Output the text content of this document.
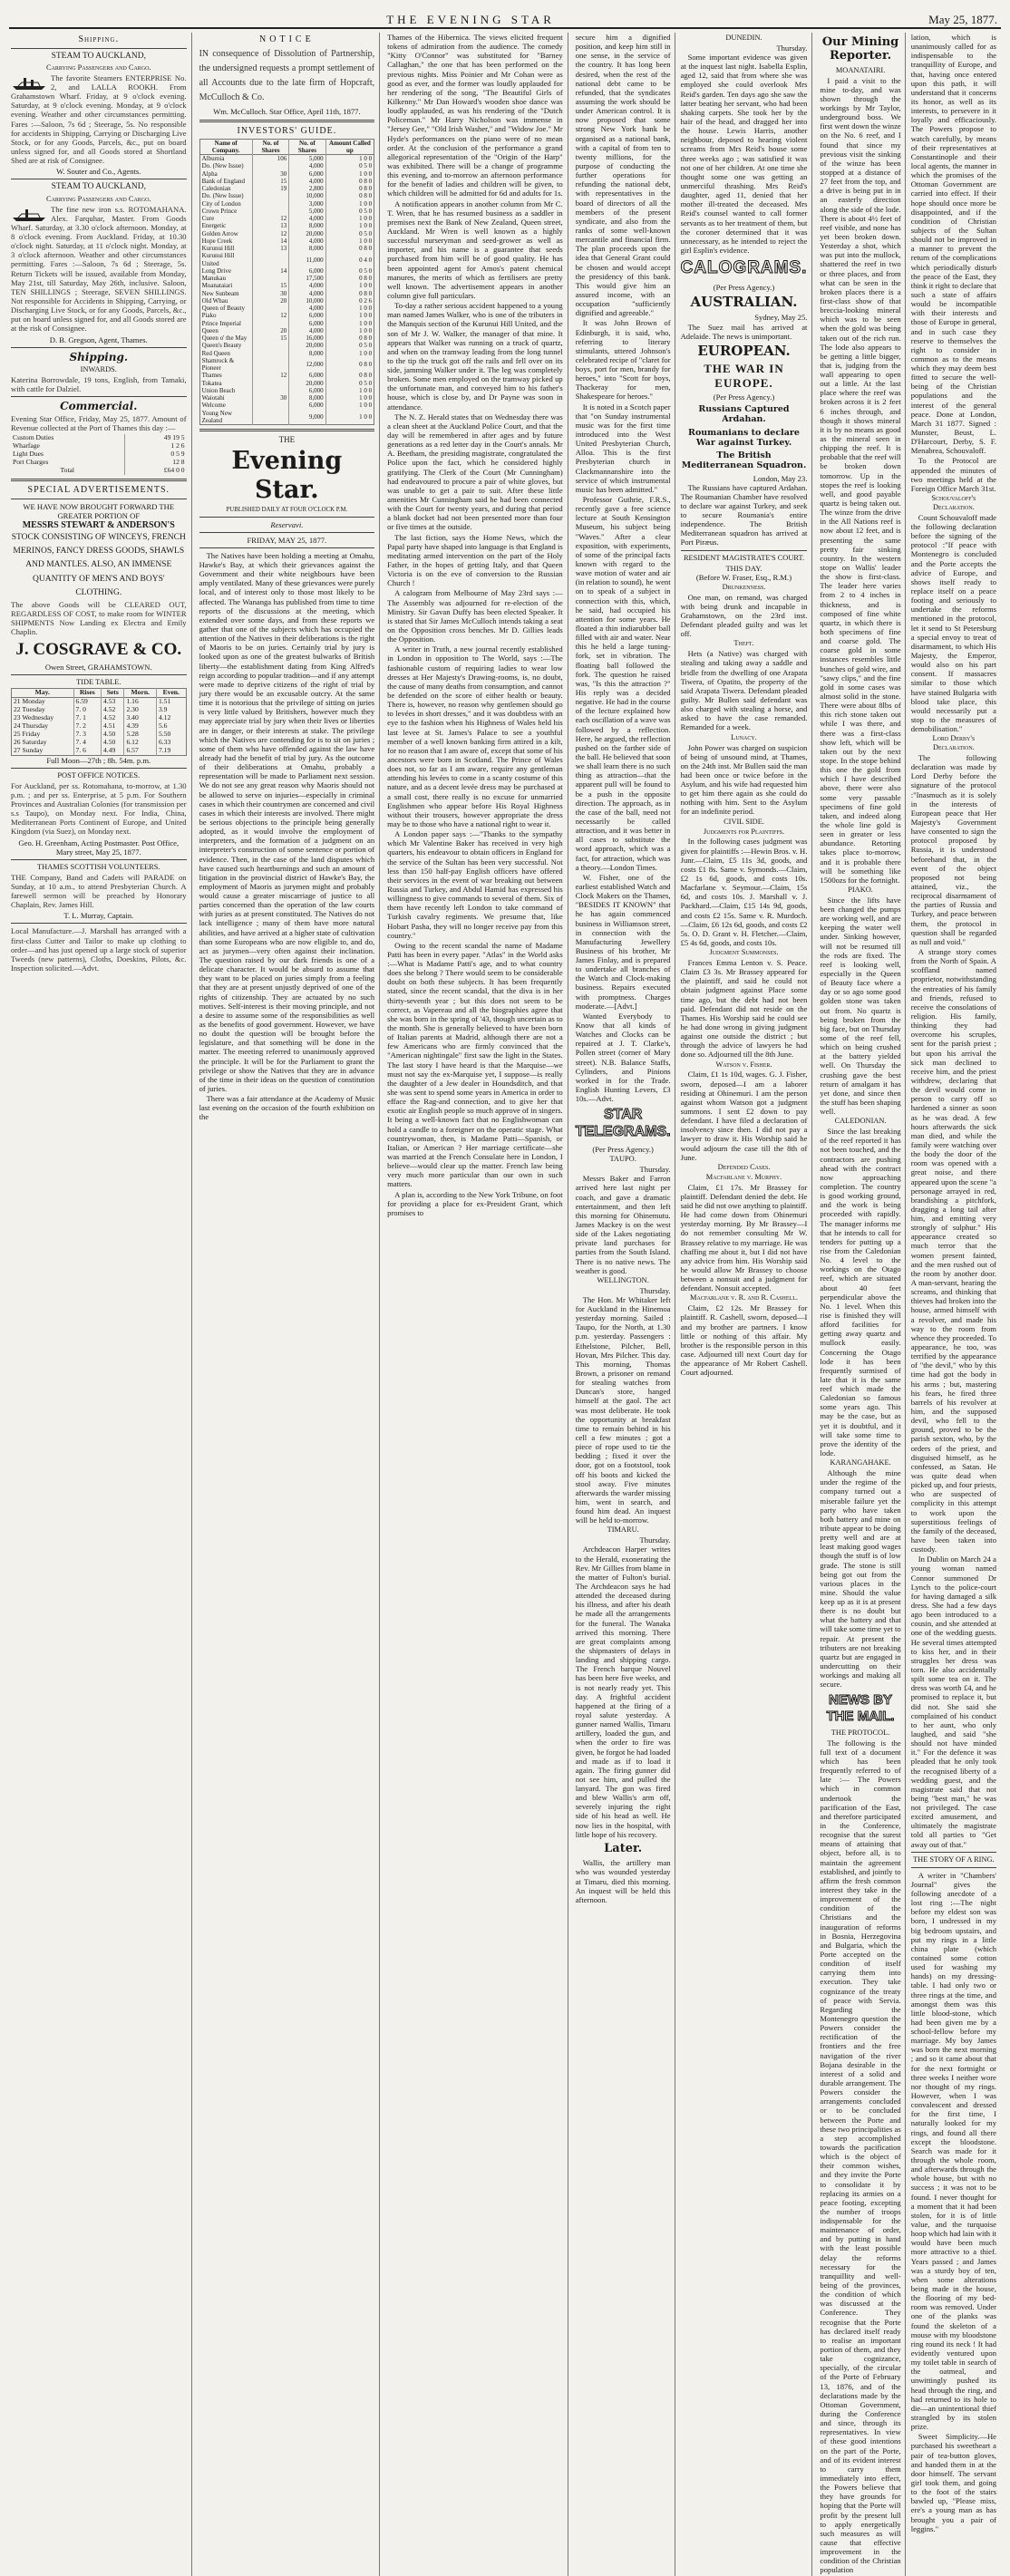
THE EVENING STAR	May 25, 1877.
Shipping.
STEAM TO AUCKLAND,
Carrying Passengers and Cargo.
The favorite Steamers ENTERPRISE No. 2, and LALLA ROOKH. From Grahamstown Wharf. Friday, at 9 o'clock evening. Saturday, at 9 o'clock evening. Monday, at 9 o'clock evening. Weather and other circumstances permitting. Fares :—Saloon, 7s 6d ; Steerage, 5s. No responsible for accidents in Shipping, Carrying or Discharging Live Stock, or for any Goods, Parcels, &c., put on board unless signed for, and all Goods stored at Shortland Shed are at risk of Consignee.
W. Souter and Co., Agents.
STEAM TO AUCKLAND,
Carrying Passengers and Cargo.
The fine new iron s.s. ROTOMAHANA. Alex. Farquhar, Master. From Goods Wharf. Saturday, at 3.30 o'clock afternoon. Monday, at 8 o'clock evening. From Auckland. Friday, at 10.30 o'clock night. Saturday, at 11 o'clock night. Monday, at 3 o'clock afternoon. Weather and other circumstances permitting. Fares :—Saloon, 7s 6d ; Steerage, 5s. Return Tickets will be issued, available from Monday, May 21st, till Saturday, May 26th, inclusive. Saloon, TEN SHILLINGS ; Steerage, SEVEN SHILLINGS. Not responsible for Accidents in Shipping, Carrying, or Discharging Live Stock, or for any Goods, Parcels, &c., put on board unless signed for, and all Goods stored are at the risk of Consignee.
D. B. Gregson, Agent, Thames.
Shipping.
INWARDS.
Katerina Borrowdale, 19 tons, English, from Tamaki, with cattle for Dalziel.
Commercial.
Evening Star Office, Friday, May 25, 1877. Amount of Revenue collected at the Port of Thames this day :—
Custom Duties	49 19 5
Wharfage	1 2 6
Light Dues	0 5 9
Port Charges	12 8
Total	£64 0 0
SPECIAL ADVERTISEMENTS.
WE HAVE NOW BROUGHT FORWARD THE GREATER PORTION OF
MESSRS STEWART & ANDERSON'S
STOCK CONSISTING OF WINCEYS, FRENCH MERINOS, FANCY DRESS GOODS, SHAWLS AND MANTLES. ALSO, AN IMMENSE QUANTITY OF MEN'S AND BOYS' CLOTHING.
The above Goods will be CLEARED OUT, REGARDLESS OF COST, to make room for WINTER SHIPMENTS Now Landing ex Electra and Emily Chaplin.
J. COSGRAVE & CO.
Owen Street, GRAHAMSTOWN.
TIDE TABLE.
May.	Rises	Sets	Morn.	Even.
21 Monday	6.59	4.53	1.16	1.51
22 Tuesday	7. 0	4.52	2.30	3.9
23 Wednesday	7. 1	4.52	3.40	4.12
24 Thursday	7. 2	4.51	4.39	5.6
25 Friday	7. 3	4.50	5.28	5.50
26 Saturday	7. 4	4.50	6.12	6.33
27 Sunday	7. 6	4.49	6.57	7.19
Full Moon—27th ; 8h. 54m. p.m.
POST OFFICE NOTICES.
For Auckland, per ss. Rotomahana, to-morrow, at 1.30 p.m. ; and per ss. Enterprise, at 5 p.m. For Southern Provinces and Australian Colonies (for transmission per s.s Taupo), on Monday next. For India, China, Mediterranean Ports Continent of Europe, and United Kingdom (via Suez), on Monday next.
Geo. H. Greenham, Acting Postmaster. Post Office, Mary street, May 25, 1877.
THAMES SCOTTISH VOLUNTEERS.
THE Company, Band and Cadets will PARADE on Sunday, at 10 a.m., to attend Presbyterian Church. A farewell sermon will be preached by Honorary Chaplain, Rev. James Hill.
T. L. Murray, Captain.
Local Manufacture.—J. Marshall has arranged with a first-class Cutter and Tailor to make up clothing to order—and has just opened up a large stock of superior Tweeds (new patterns), Cloths, Doeskins, Pilots, &c. Inspection solicited.—Advt.
NOTICE
IN consequence of Dissolution of Partnership, the undersigned requests a prompt settlement of all Accounts due to the late firm of Hopcraft, McCulloch & Co.
Wm. McCulloch. Star Office, April 11th, 1877.
INVESTORS' GUIDE.
Name of Company.	No. of Shares	No. of Shares	Amount Called up
Alburnia	106	5,000	1 0 0
Do. (New Issue)		4,000	0 5 0
Alpha	30	6,000	1 0 0
Bank of England	15	4,000	0 8 0
Caledonian	19	2,800	0 8 0
Do. (New Issue)		10,000	0 8 0
City of London		3,000	1 0 0
Crown Prince		5,000	0 5 0
Cure	12	4,000	1 0 0
Energetic	13	8,000	1 0 0
Golden Arrow	12	20,000	0 5 0
Hope Creek	14	4,000	1 0 0
Kurunui Hill	13	8,000	0 8 0
Kurunui Hill United		11,000	0 4 0
Long Drive	14	6,000	0 5 0
Manukau		17,500	0 8 0
Moanataiari	15	4,000	1 0 0
New Sunbeam	30	4,000	0 8 0
Old Whau	20	10,000	0 2 6
Queen of Beauty		4,000	1 0 0
Piako	12	6,000	1 0 0
Prince Imperial		6,000	1 0 0
Queen	20	4,000	1 0 0
Queen o' the May	15	16,000	0 8 0
Queen's Beauty		20,000	0 5 0
Red Queen		8,000	1 0 0
Shamrock & Pioneer		12,000	0 8 0
Thames	12	6,000	0 8 0
Tokatea		20,000	0 5 0
Union Beach		6,000	1 0 0
Waiotahi	30	8,000	1 0 0
Welcome		6,000	1 0 0
Young New Zealand		9,000	1 0 0
THE
Evening Star.
PUBLISHED DAILY AT FOUR O'CLOCK P.M.
Reservavi.
FRIDAY, MAY 25, 1877.

The Natives have been holding a meeting at Omahu, Hawke's Bay, at which their grievances against the Government and their white neighbours have been amply ventilated. Many of these grievances were purely local, and of interest only to those most likely to be affected. The Wananga has published from time to time reports of the discussions at the meeting, which extended over some days, and from these reports we gather that one of the subjects which has occupied the attention of the Natives in their deliberations is the right of Maoris to be on juries. Certainly trial by jury is looked upon as one of the greatest bulwarks of British liberty—the establishment dating from King Alfred's reign according to popular tradition—and if any attempt were made to deprive citizens of the right of trial by jury there would be an excusable outcry. At the same time it is notorious that the privilege of sitting on juries is very little valued by Britishers, however much they may appreciate trial by jury when their lives or liberties are in danger, or their interests at stake. The privilege which the Natives are contending for is to sit on juries ; some of them who have offended against the law have already had the benefit of trial by jury. As the outcome of their deliberations at Omahu, probably a representation will be made to Parliament next session. We do not see any great reason why Maoris should not be allowed to serve on injuries—especially in criminal cases in which their countrymen are concerned and civil cases in which their interests are involved. There might be serious objections to the principle being generally adopted, as it would involve the employment of interpreters, and the formation of a judgment on an interpreter's construction of some sentence or portion of evidence. Then, in the case of the land disputes which have caused such heartburnings and such an amount of litigation in the provincial district of Hawke's Bay, the employment of Maoris as jurymen might and probably would cause a greater miscarriage of justice to all parties concerned than the operation of the law courts with juries as at present constituted. The Natives do not lack intelligence ; many of them have more natural abilities, and have arrived at a higher state of cultivation than some Europeans who are now eligible to, and do, act as jurymen—very often against their inclination. The question raised by our dark friends is one of a delicate character. It would be absurd to assume that they want to be placed on juries simply from a feeling that they are at present unjustly deprived of one of the rights of citizenship. They are actuated by no such motives. Self-interest is their moving principle, and not a desire to assume some of the responsibilities as well as the benefits of good government. However, we have no doubt the question will be brought before the legislature, and that something will be done in the matter. The meeting referred to unanimously approved the principle. It will be for the Parliament to grant the privilege or show the Natives that they are in advance of the time in their ideas on the question of constitution of juries.

There was a fair attendance at the Academy of Music last evening on the occasion of the fourth exhibition on the

Thames of the Hibernica. The views elicited frequent tokens of admiration from the audience. The comedy "Kitty O'Connor" was substituted for "Barney Callaghan," the one that has been performed on the previous nights. Miss Poinier and Mr Cohan were as good as ever, and the former was loudly applauded for her rendering of the song, "The Beautiful Girls of Kilkenny." Mr Dan Howard's wooden shoe dance was loudly applauded, as was his rendering of the "Dutch Policeman." Mr Harry Nicholson was immense in "Jersey Gee," "Old Irish Washer," and "Widow Joe." Mr Hyde's performances on the piano were of no mean order. At the conclusion of the performance a grand allegorical representation of the "Origin of the Harp" was exhibited. There will be a change of programme this evening, and to-morrow an afternoon performance for the benefit of ladies and children will be given, to which children will be admitted for 6d and adults for 1s.

A notification appears in another column from Mr C. T. Wren, that he has resumed business as a saddler in premises next the Bank of New Zealand, Queen street, Auckland. Mr Wren is well known as a highly successful nurseryman and seed-grower as well as importer, and his name is a guarantee that seeds purchased from him will be of good quality. He has been appointed agent for Amos's patent chemical manures, the merits of which as fertilisers are pretty well known. The advertisement appears in another column give full particulars.

To-day a rather serious accident happened to a young man named James Walker, who is one of the tributers in the Manquis section of the Kurunui Hill United, and the son of Mr J. W. Walker, the manager of that mine. It appears that Walker was running on a truck of quartz, and when on the tramway leading from the long tunnel to the tip the truck got off the rails and fell over on its side, jamming Walker under it. The leg was completely broken. Some men employed on the tramway picked up the unfortunate man, and conveyed him to his father's house, which is close by, and Dr Payne was soon in attendance.

The N. Z. Herald states that on Wednesday there was a clean sheet at the Auckland Police Court, and that the day will be remembered in after ages and by future generations as a red letter day in the Court's annals. Mr A. Beetham, the presiding magistrate, congratulated the Police upon the fact, which he considered highly gratifying. The Clerk of the Court (Mr Cunningham) had endeavoured to procure a pair of white gloves, but was unable to get a pair to suit. After these little amenities Mr Cunningham said he had been connected with the Court for twenty years, and during that period a blank docket had not been presented more than four or five times at the outside.

The last fiction, says the Home News, which the Papal party have shaped into language is that England is meditating armed intervention on the part of the Holy Father, in the hopes of getting Italy, and that Queen Victoria is on the eve of conversion to the Russian Church !

A calogram from Melbourne of May 23rd says :—The Assembly was adjourned for re-election of the Ministry. Sir Gavan Duffy has been elected Speaker. It is stated that Sir James McCulloch intends taking a seat on the Opposition cross benches. Mr D. Gillies leads the Opposition.

A writer in Truth, a new journal recently established in London in opposition to The World, says :—The fashionable custom of requiring ladies to wear low dresses at Her Majesty's Drawing-rooms, is, no doubt, the cause of many deaths from consumption, and cannot be defended on the score of either health or beauty. There is, however, no reason why gentlemen should go to levées in short dresses," and it was doubtless with an eye to the fashion when his Highness of Wales held his last levee at St. James's Palace to see a youthful member of a well known banking firm attired in a kilt, for no reason that I am aware of, except that some of his ancestors were born in Scotland. The Prince of Wales does not, so far as I am aware, require any gentleman attending his levées to come in a scanty costume of this nature, and as a decent levée dress may be purchased at a small cost, there really is no excuse for unmarried Englishmen who appear before His Royal Highness without their trousers, however appropriate the dress may be to those who have a national right to wear it.

A London paper says :—"Thanks to the sympathy which Mr Valentine Baker has received in very high quarters, his endeavour to obtain officers in England for the service of the Sultan has been very successful. Not less than 150 half-pay English officers have offered their services in the event of war breaking out between Russia and Turkey, and Abdul Hamid has expressed his willingness to give commands to several of them. Six of them have recently left London to take command of Turkish cavalry regiments. We presume that, like Hobart Pasha, they will no longer receive pay from this country."

Owing to the recent scandal the name of Madame Patti has been in every paper. "Atlas" in the World asks :—What is Madame Patti's age, and to what country does she belong ? There would seem to be considerable doubt on both these subjects. It has been frequently stated, since the recent scandal, that the diva is in her thirty-seventh year ; but this does not seem to be correct, as Vapereau and all the biographies agree that she was born in the spring of '43, though uncertain as to the month. She is generally believed to have been born of Italian parents at Madrid, although there are not a few Americans who are firmly convinced that the "American nightingale" first saw the light in the States. The last story I have heard is that the Marquise—we must not say the ex-Marquise yet, I suppose—is really the daughter of a Jew dealer in Houndsditch, and that she was sent to spend some years in America in order to efface the Rag-and connection, and to give her that exotic air English people so much approve of in singers. It being a well-known fact that no Englishwoman can hold a candle to a foreigner on the operatic stage. What countrywoman, then, is Madame Patti—Spanish, or Italian, or American ? Her marriage certificate—she was married at the French Consulate here in London, I believe—would clear up the matter. French law being very much more particular than our own in such matters.

A plan is, according to the New York Tribune, on foot for providing a place for ex-President Grant, which promises to

secure him a dignified position, and keep him still in one sense, in the service of the country. It has long been desired, when the rest of the national debt came to be refunded, that the syndicates assuming the work should be under American control. It is now proposed that some strong New York bank be organised as a national bank, with a capital of from ten to twenty millions, for the purpose of conducting the further operations for refunding the national debt, with representatives in the board of directors of all the members of the present syndicate, and also from the ranks of some well-known mercantile and financial firm. The plan proceeds upon the idea that General Grant could be chosen and would accept the presidency of this bank. This would give him an assured income, with an occupation "sufficiently dignified and agreeable."

It was John Brown of Edinburgh, it is said, who, referring to literary stimulants, uttered Johnson's celebrated recipe of "claret for boys, port for men, brandy for heroes," into "Scott for boys, Thackeray for men, Shakespeare for heroes."

It is noted in a Scotch paper that "on Sunday instrumental music was for the first time introduced into the West United Presbyterian Church, Alloa. This is the first Presbyterian church in Clackmannanshire into the service of which instrumental music has been admitted."

Professor Guthrie, F.R.S., recently gave a free science lecture at South Kensington Museum, his subject being "Waves." After a clear exposition, with experiments, of some of the principal facts known with regard to the wave motion of water and air (in relation to sound), he went on to speak of a subject in connection with this, which, he said, had occupied his attention for some years. He floated a thin indiarubber ball filled with air and water. Near this he held a large tuning-fork, set in vibration. The floating ball followed the fork. The question he raised was, "Is this the attraction ?" His reply was a decided negative. He had in the course of the lecture explained how each oscillation of a wave was followed by a reflection. Here, he argued, the reflection pushed on the farther side of the ball. He believed that soon we shall learn there is no such thing as attraction—that the apparent pull will be found to be a push in the opposite direction. The approach, as in the case of the ball, need not necessarily be called attraction, and it was better in all cases to substitute the word approach, which was a fact, for attraction, which was a theory.—London Times.

W. Fisher, one of the earliest established Watch and Clock Makers on the Thames, "BESIDES IT KNOWN" that he has again commenced business in Williamson street, in connection with the Manufacturing Jewellery Business of his brother, Mr James Finlay, and is prepared to undertake all branches of the Watch and Clock-making business. Repairs executed with promptness. Charges moderate.—[Advt.]

Wanted Everybody to Know that all kinds of Watches and Clocks can be repaired at J. T. Clarke's, Pollen street (corner of Mary street). N.B. Balance Staffs, Cylinders, and Pinions worked in for the Trade. English Hunting Levers, £3 10s.—Advt.

STAR TELEGRAMS.
(Per Press Agency.)
TAUPO.
Thursday.

Messrs Baker and Farron arrived here last night per coach, and gave a dramatic entertainment, and then left this morning for Ohinemutu. James Mackey is on the west side of the Lakes negotiating private land purchases for parties from the South Island. There is no native news. The weather is good.

WELLINGTON.
Thursday.

The Hon. Mr Whitaker left for Auckland in the Hinemoa yesterday morning. Sailed : Taupo, for the North, at 1.30 p.m. yesterday. Passengers : Ethelstone, Pilcher, Bell, Hovan, Mrs Pilcher. This day. This morning, Thomas Brown, a prisoner on remand for stealing watches from Duncan's store, hanged himself at the gaol. The act was most deliberate. He took the opportunity at breakfast time to remain behind in his cell a few minutes ; got a piece of rope used to tie the bedding ; fixed it over the door, got on a footstool, took off his boots and kicked the stool away. Five minutes afterwards the warder missing him, went in search, and found him dead. An inquest will be held to-morrow.

TIMARU.
Thursday.

Archdeacon Harper writes to the Herald, exonerating the Rev. Mr Gillies from blame in the matter of Fulton's burial. The Archdeacon says he had attended the deceased during his illness, and after his death he made all the arrangements for the funeral. The Wanaka arrived this morning. There are great complaints among the shipmasters of delays in landing and shipping cargo. The French barque Nouvel has been here five weeks, and is not nearly ready yet. This day. A frightful accident happened at the firing of a royal salute yesterday. A gunner named Wallis, Timaru artillery, loaded the gun, and when the order to fire was given, he forgot he had loaded and made as if to load it again. The firing gunner did not see him, and pulled the lanyard. The gun was fired and blew Wallis's arm off, severely injuring the right side of his head as well. He now lies in the hospital, with little hope of his recovery.

Later.

Wallis, the artillery man who was wounded yesterday at Timaru, died this morning. An inquest will be held this afternoon.

DUNEDIN.
Thursday.

Some important evidence was given at the inquest last night. Isabella Esplin, aged 12, said that from where she was employed she could overlook Mrs Reid's garden. Ten days ago she saw the latter beating her servant, who had been shaking carpets. She took her by the hair of the head, and dragged her into the house. Lewis Harris, another neighbour, deposed to hearing violent screams from Mrs Reid's house some three weeks ago ; was satisfied it was not one of her children. At one time she thought some one was getting an unmerciful thrashing. Mrs Reid's daughter, aged 11, denied that her mother ill-treated the deceased. Mrs Reid's counsel wanted to call former servants as to her treatment of them, but the coroner determined that it was unnecessary, as he intended to reject the girl Esplin's evidence.

CALOGRAMS.
(Per Press Agency.)
AUSTRALIAN.
Sydney, May 25.

The Suez mail has arrived at Adelaide. The news is unimportant.

EUROPEAN.
THE WAR IN EUROPE.
(Per Press Agency.)
Russians Captured Ardahan.
Roumanians to declare War against Turkey.
The British Mediterranean Squadron.
London, May 23.

The Russians have captured Ardahan. The Roumanian Chamber have resolved to declare war against Turkey, and seek to secure Roumania's entire independence. The British Mediterranean squadron has arrived at Port Piræus.

RESIDENT MAGISTRATE'S COURT.
THIS DAY.
(Before W. Fraser, Esq., R.M.)
Drunkenness.

One man, on remand, was charged with being drunk and incapable in Grahamstown, on the 23rd inst. Defendant pleaded guilty and was let off.

Theft.

Hets (a Native) was charged with stealing and taking away a saddle and bridle from the dwelling of one Arapata Tiwera, of Opatito, the property of the said Arapata Tiwera. Defendant pleaded guilty. Mr Bullen said defendant was also charged with stealing a horse, and asked to have the case remanded. Remanded for a week.

Lunacy.

John Power was charged on suspicion of being of unsound mind, at Thames, on the 24th inst. Mr Bullen said the man had been once or twice before in the Asylum, and his wife had requested him to get him there again as she could do nothing with him. Sent to the Asylum for an indefinite period.

CIVIL SIDE.
Judgments for Plaintiffs.

In the following cases judgment was given for plaintiffs :—Hewin Bros. v. H. Junr.—Claim, £5 11s 3d, goods, and costs £1 8s. Same v. Symonds.—Claim, £2 1s 6d, goods, and costs 10s. Macfarlane v. Seymour.—Claim, 15s 6d, and costs 10s. J. Marshall v. J. Packhard.—Claim, £15 14s 9d, goods, and costs £2 15s. Same v. R. Murdoch.—Claim, £6 12s 6d, goods, and costs £2 5s. O. D. Grant v. H. Fletcher.—Claim, £5 4s 6d, goods, and costs 10s.

Judgment Summonses.

Frances Emma Lenton v. S. Peace. Claim £3 3s. Mr Brassey appeared for the plaintiff, and said he could not obtain judgment against Place some time ago, but the debt had not been paid. Defendant did not reside on the Thames. His Worship said he could see he had done wrong in giving judgment against one outside the district ; but through the advice of lawyers he had done so. Adjourned till the 8th June.

Watson v. Fisher.

Claim, £1 1s 10d, wages. G. J. Fisher, sworn, deposed—I am a laborer residing at Ohinemuri. I am the person against whom Watson got a judgment summons. I sent £2 down to pay defendant. I have filed a declaration of insolvency since then. I did not pay a lawyer to draw it. His Worship said he would adjourn the case till the 8th of June.

Defended Cases.
Macfarlane v. Murphy.

Claim, £1 17s. Mr Brassey for plaintiff. Defendant denied the debt. He said he did not owe anything to plaintiff. He had come down from Ohinemuri yesterday morning. By Mr Brassey—I do not remember consulting Mr W. Brassey relative to my marriage. He was chaffing me about it, but I did not have any advice from him. His Worship said he would allow Mr Brassey to choose between a nonsuit and a judgment for defendant. Nonsuit accepted.

Macfarlane v. R. and R. Cashell.

Claim, £2 12s. Mr Brassey for plaintiff. R. Cashell, sworn, deposed—I and my brother are partners. I know little or nothing of this affair. My brother is the responsible person in this case. Adjourned till next Court day for the appearance of Mr Robert Cashell. Court adjourned.

Our Mining Reporter.
MOANATAIRI.

I paid a visit to the mine to-day, and was shown through the workings by Mr Taylor, underground boss. We first went down the winze on the No. 6 reef, and I found that since my previous visit the sinking of the winze has been stopped at a distance of 27 feet from the top, and a drive is being put in in an easterly direction along the side of the lode. There is about 4½ feet of reef visible, and none has yet been broken down. Yesterday a shot, which was put into the mullock, shattered the reef in two or three places, and from what can be seen in the broken places there is a first-class show of that breccia-looking mineral which was to be seen when the gold was being taken out of the rich run. The lode also appears to be getting a little bigger, that is, judging from the wall appearing to open out a little. At the last place where the reef was broken across it is 2 feet 6 inches through, and though it shows mineral it is by no means as good as the mineral seen in chipping the reef. It is probable that the reef will be broken down tomorrow. Up in the stopes the reef is looking well, and good payable quartz is being taken out. The winze from the drive in the All Nations reef is now about 12 feet, and is presenting the same pretty fair sinking country. In the western stope on Wallis' leader the show is first-class. The leader here varies from 2 to 4 inches in thickness, and is composed of fine white quartz, in which there is both specimens of fine and coarse gold. The coarse gold in some instances resembles little bunches of gold wire, and "sawy clips," and the fine gold in some cases was almost solid in the stone. There were about 8lbs of this rich stone taken out while I was there, and there was a first-class show left, which will be taken out by the next stope. In the stope behind this one the gold from which I have described above, there were also some very passable specimens of fine gold taken, and indeed along the whole line gold is seen in greater or less abundance. Retorting takes place to-morrow, and it is probable there will be something like 1500ozs for the fortnight.

PIAKO.

Since the lifts have been changed the pumps are working well, and are keeping the water well under. Sinking however, will not be resumed till the rods are fixed. The reef is looking well, especially in the Queen of Beauty face where a day or so ago some good golden stone was taken out from. No quartz is being broken from the big face, but on Thursday some of the reef fell, which on being crushed at the battery yielded well. On Thursday the crushing gave the best return of amalgam it has yet done, and since then the stuff has been shaping well.

CALEDONIAN.

Since the last breaking of the reef reported it has not been touched, and the contractors are pushing ahead with the contract now approaching completion. The country is good working ground, and the work is being proceeded with rapidly. The manager informs me that he intends to call for tenders for putting up a rise from the Caledonian No. 4 level to the workings on the Otago reef, which are situated about 40 feet perpendicular above the No. 1 level. When this rise is finished they will afford facilities for getting away quartz and mullock easily. Concerning the Otago lode it has been frequently surmised of late that it is the same reef which made the Caledonian so famous some years ago. This may be the case, but as yet it is doubtful, and it will take some time to prove the identity of the lode.

KARANGAHAKE.

Although the mine under the regime of the company turned out a miserable failure yet the party who have taken both battery and mine on tribute appear to be doing pretty well and are at least making good wages though the stuff is of low grade. The stone is still being got out from the various places in the mine. Should the value keep up as it is at present there is no doubt but what the battery and that will take some time yet to repair. At present the tributers are not breaking quartz but are engaged in undercutting on their workings and making all secure.

NEWS BY THE MAIL.
THE PROTOCOL.

The following is the full text of a document which has been frequently referred to of late :— The Powers which in common undertook the pacification of the East, and therefore participated in the Conference, recognise that the surest means of attaining that object, before all, is to maintain the agreement established, and jointly to affirm the fresh common interest they take in the improvement of the condition of the Christians and the inauguration of reforms in Bosnia, Herzegovina and Bulgaria, which the Porte accepted on the condition of itself carrying them into execution. They take cognizance of the treaty of peace with Servia. Regarding the Montenegro question the Powers consider the rectification of the frontiers and the free navigation of the river Bojana desirable in the interest of a solid and durable arrangement. The Powers consider the arrangements concluded or to be concluded between the Porte and these two principalities as a step accomplished towards the pacification which is the object of their common wishes, and they invite the Porte to consolidate it by replacing its armies on a peace footing, excepting the number of troops indispensable for the maintenance of order, and by putting in hand with the least possible delay the reforms necessary for the tranquillity and well-being of the provinces, the condition of which was discussed at the Conference. They recognise that the Porte has declared itself ready to realise an important portion of them, and they take cognizance, specially, of the circular of the Porte of February 13, 1876, and of the declarations made by the Ottoman Government, during the Conference and since, through its representatives. In view of these good intentions on the part of the Porte, and of its evident interest to carry them immediately into effect, the Powers believe that they have grounds for hoping that the Porte will profit by the present lull to apply energetically such measures as will cause that effective improvement in the condition of the Christian population

lation, which is unanimously called for as indispensable to the tranquillity of Europe, and that, having once entered upon this path, it will understand that it concerns its honor, as well as its interests, to persevere in it loyally and efficaciously. The Powers propose to watch carefully, by means of their representatives at Constantinople and their local agents, the manner in which the promises of the Ottoman Government are carried into effect. If their hope should once more be disappointed, and if the condition of Christian subjects of the Sultan should not be improved in a manner to prevent the return of the complications which periodically disturb the peace of the East, they think it right to declare that such a state of affairs would be incompatible with their interests and those of Europe in general, and in such case they reserve to themselves the right to consider in common as to the means which they may deem best fitted to secure the well-being of the Christian populations and the interest of the general peace. Done at London, March 31 1877. Signed : Munster, Beust, L. D'Harcourt, Derby, S. F. Menabrea, Schouvaloff.

To the Protocol are appended the minutes of two meetings held at the Foreign Office March 31st.

Schouvaloff's Declaration.

Count Schouvaloff made the following declaration before the signing of the protocol :"If peace with Montenegro is concluded and the Porte accepts the advice of Europe, and shows itself ready to replace itself on a peace footing and seriously to undertake the reforms mentioned in the protocol, let it send to St Petersburg a special envoy to treat of disarmament, to which His Majesty, the Emperor, would also on his part consent. If massacres similar to those which have stained Bulgaria with blood take place, this would necessarily put a stop to the measures of demobilisation."

Lord Derby's Declaration.

The following declaration was made by Lord Derby before the signature of the protocol :"Inasmuch as it is solely in the interests of European peace that Her Majesty's Government have consented to sign the protocol proposed by Russia, it is understood beforehand that, in the event of the object proposed not being attained, viz., the reciprocal disarmament of the parties of Russia and Turkey, and peace between them, the protocol in question shall be regarded as null and void."

A strange story comes from the North of Spain. A scoffland named proprietor, notwithstanding the entreaties of his family and friends, refused to receive the consolations of religion. His family, thinking they had overcome his scruples, sent for the parish priest ; but upon his arrival the sick man declined to receive him, and the priest withdrew, declaring that the devil would come in person to carry off so hardened a sinner as soon as he was dead. A few hours afterwards the sick man died, and while the family were watching over the body the door of the room was opened with a great noise, and there appeared upon the scene "a personage arrayed in red, brandishing a pitchfork, dragging a long tail after him, and emitting very strongly of sulphur." His appearance created so much terror that the women present fainted, and the men rushed out of the room by another door. A man-servant, hearing the screams, and thinking that thieves had broken into the house, armed himself with a revolver, and made his way to the room from whence they proceeded. To appearance, he too, was terrified by the appearance of "the devil," who by this time had got the body in his arms ; but, mastering his fears, he fired three barrels of his revolver at him, and the supposed devil, who fell to the ground, proved to be the parish sexton, who, by the orders of the priest, and disguised himself, as he confessed, as Satan. He was quite dead when picked up, and four priests, who are suspected of complicity in this attempt to work upon the superstitious feelings of the family of the deceased, have been taken into custody.

In Dublin on March 24 a young woman named Connor summoned Dr Lynch to the police-court for having damaged a silk dress. She had a few days ago been introduced to a cousin, and she attended at one of the wedding guests. He several times attempted to kiss her, and in their struggles her dress was torn. He also accidentally spilt some tea on it. The dress was worth £4, and he promised to replace it, but did not. She said she complained of his conduct to her aunt, who only laughed, and said "she should not have minded it." For the defence it was pleaded that he only took the recognised liberty of a wedding guest, and the magistrate said that not being "best man," he was not privileged. The case excited amusement, and ultimately the magistrate told all parties to "Get away out of that."

THE STORY OF A RING.

A writer in "Chambers' Journal" gives the following anecdote of a lost ring :—The night before my eldest son was born, I undressed in my big bedroom upstairs, and put my rings in a little china plate (which contained some cotton used for washing my hands) on my dressing-table. I had only two or three rings at the time, and amongst them was this little blood-stone, which had been given me by a school-fellow before my marriage. My boy James was born the next morning ; and so it came about that for the next fortnight or three weeks I neither wore nor thought of my rings. However, when I was convalescent and dressed for the first time, I naturally looked for my rings, and found all there except the bloodstone. Search was made for it through the whole room, and afterwards through the whole house, but with no success ; it was not to be found. I never thought for a moment that it had been stolen, for it is of little value, and the turquoise hoop which had lain with it would have been much more attractive to a thief. Years passed ; and James was a sturdy boy of ten, when some alterations being made in the house, the flooring of my bed-room was removed. Under one of the planks was found the skeleton of a mouse with my bloodstone ring round its neck ! It had evidently ventured upon my toilet table in search of the oatmeal, and unwittingly pushed its head through the ring, and had returned to its hole to die—an unintentional thief strangled by its stolen prize.

Sweet Simplicity.—He purchased his sweetheart a pair of tea-button gloves, and handed them in at the door himself. The servant girl took them, and going to the foot of the stairs bawled up, "Please miss, ere's a young man as has brought you a pair of leggins."
